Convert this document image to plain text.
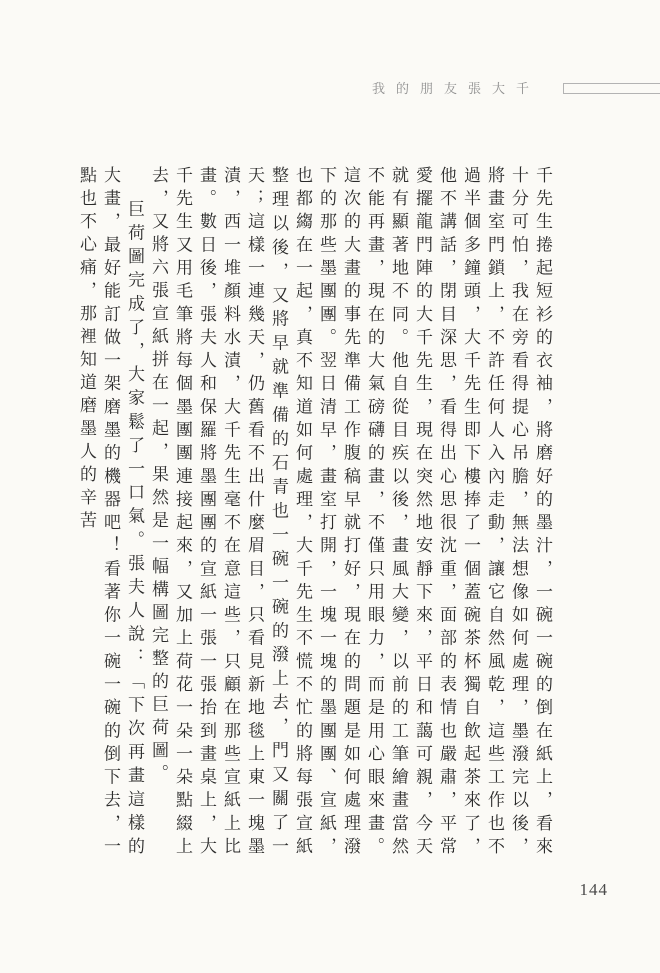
我的朋友張大千

千先生捲起短衫的衣袖，將磨好的墨汁，一碗一碗的倒在紙上，看來十分可怕，我在旁看得提心吊膽，無法想像如何處理，墨潑完以後，將畫室門鎖上，不許任何人入內走動，讓它自然風乾，這些工作也不過半個多鐘頭，大千先生即下樓捧了一個蓋碗茶杯獨自飲起茶來了，他不講話，閉目深思，看得出心思很沈重，面部的表情也嚴肅，平常愛擺龍門陣的大千先生，現在突然地安靜下來，平日和藹可親，今天就有顯著地不同。他自從目疾以後，畫風大變，以前的工筆繪畫當然不能再畫，現在的大氣磅礴的畫，不僅只用眼力，而是用心眼來畫。這次的大畫的事先準備工作腹稿早就打好，現在的問題是如何處理潑下的那些墨團團。翌日清早，畫室打開，一塊一塊的墨團團、宣紙，也都縐在一起，真不知道如何處理，大千先生不慌不忙的將每張宣紙整理以後，又將早就準備的石青也一碗一碗的潑上去，門又關了一天；這樣一連幾天，仍舊看不出什麼眉目，只看見新地毯上東一塊墨漬，西一堆顏料水漬，大千先生毫不在意這些，只顧在那些宣紙上比畫。數日後，張夫人和保羅將墨團團的宣紙一張一張抬到畫桌上，大千先生又用毛筆將每個墨團團連接起來，又加上荷花一朵一朵點綴上去，又將六張宣紙拼在一起，果然是一幅構圖完整的巨荷圖。

巨荷圖完成了，大家鬆了一口氣。張夫人說：「下次再畫這樣的大畫，最好能訂做一架磨墨的機器吧！看著你一碗一碗的倒下去，一點也不心痛，那裡知道磨墨人的辛苦

144
